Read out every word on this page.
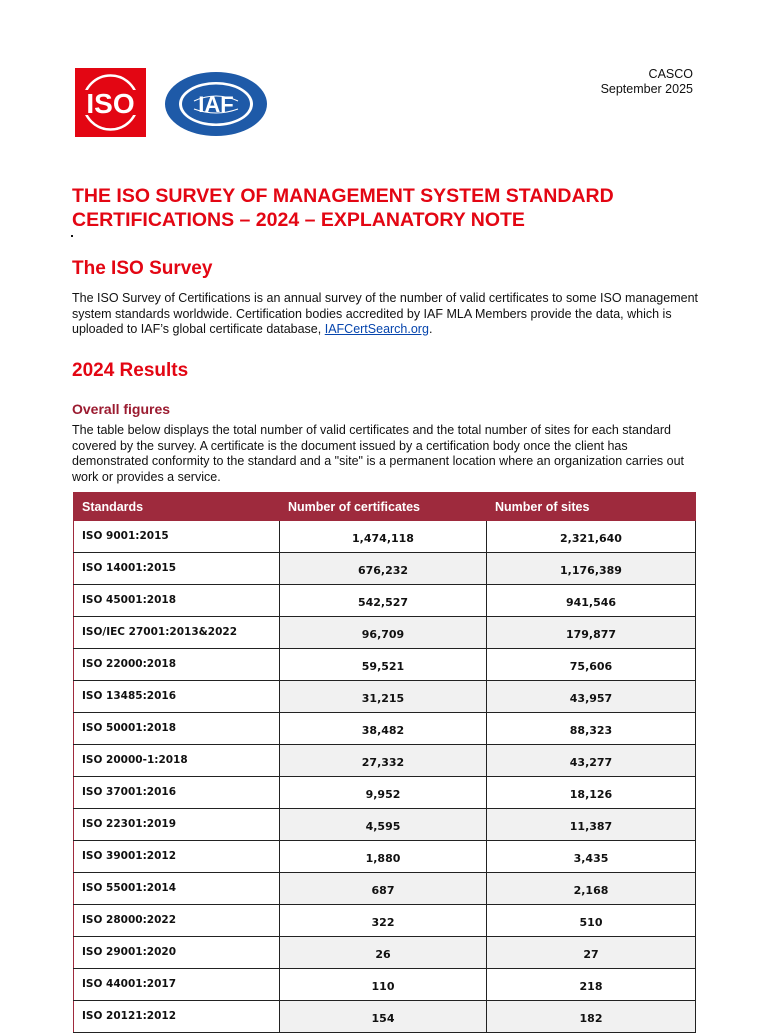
ISO	IAF
CASCO
September 2025
THE ISO SURVEY OF MANAGEMENT SYSTEM STANDARD CERTIFICATIONS – 2024 – EXPLANATORY NOTE
The ISO Survey

The ISO Survey of Certifications is an annual survey of the number of valid certificates to some ISO management system standards worldwide. Certification bodies accredited by IAF MLA Members provide the data, which is uploaded to IAF’s global certificate database, IAFCertSearch.org.

2024 Results
Overall figures

The table below displays the total number of valid certificates and the total number of sites for each standard covered by the survey. A certificate is the document issued by a certification body once the client has demonstrated conformity to the standard and a "site" is a permanent location where an organization carries out work or provides a service.

Standards	Number of certificates	Number of sites
ISO 9001:2015	1,474,118	2,321,640
ISO 14001:2015	676,232	1,176,389
ISO 45001:2018	542,527	941,546
ISO/IEC 27001:2013&2022	96,709	179,877
ISO 22000:2018	59,521	75,606
ISO 13485:2016	31,215	43,957
ISO 50001:2018	38,482	88,323
ISO 20000-1:2018	27,332	43,277
ISO 37001:2016	9,952	18,126
ISO 22301:2019	4,595	11,387
ISO 39001:2012	1,880	3,435
ISO 55001:2014	687	2,168
ISO 28000:2022	322	510
ISO 29001:2020	26	27
ISO 44001:2017	110	218
ISO 20121:2012	154	182
